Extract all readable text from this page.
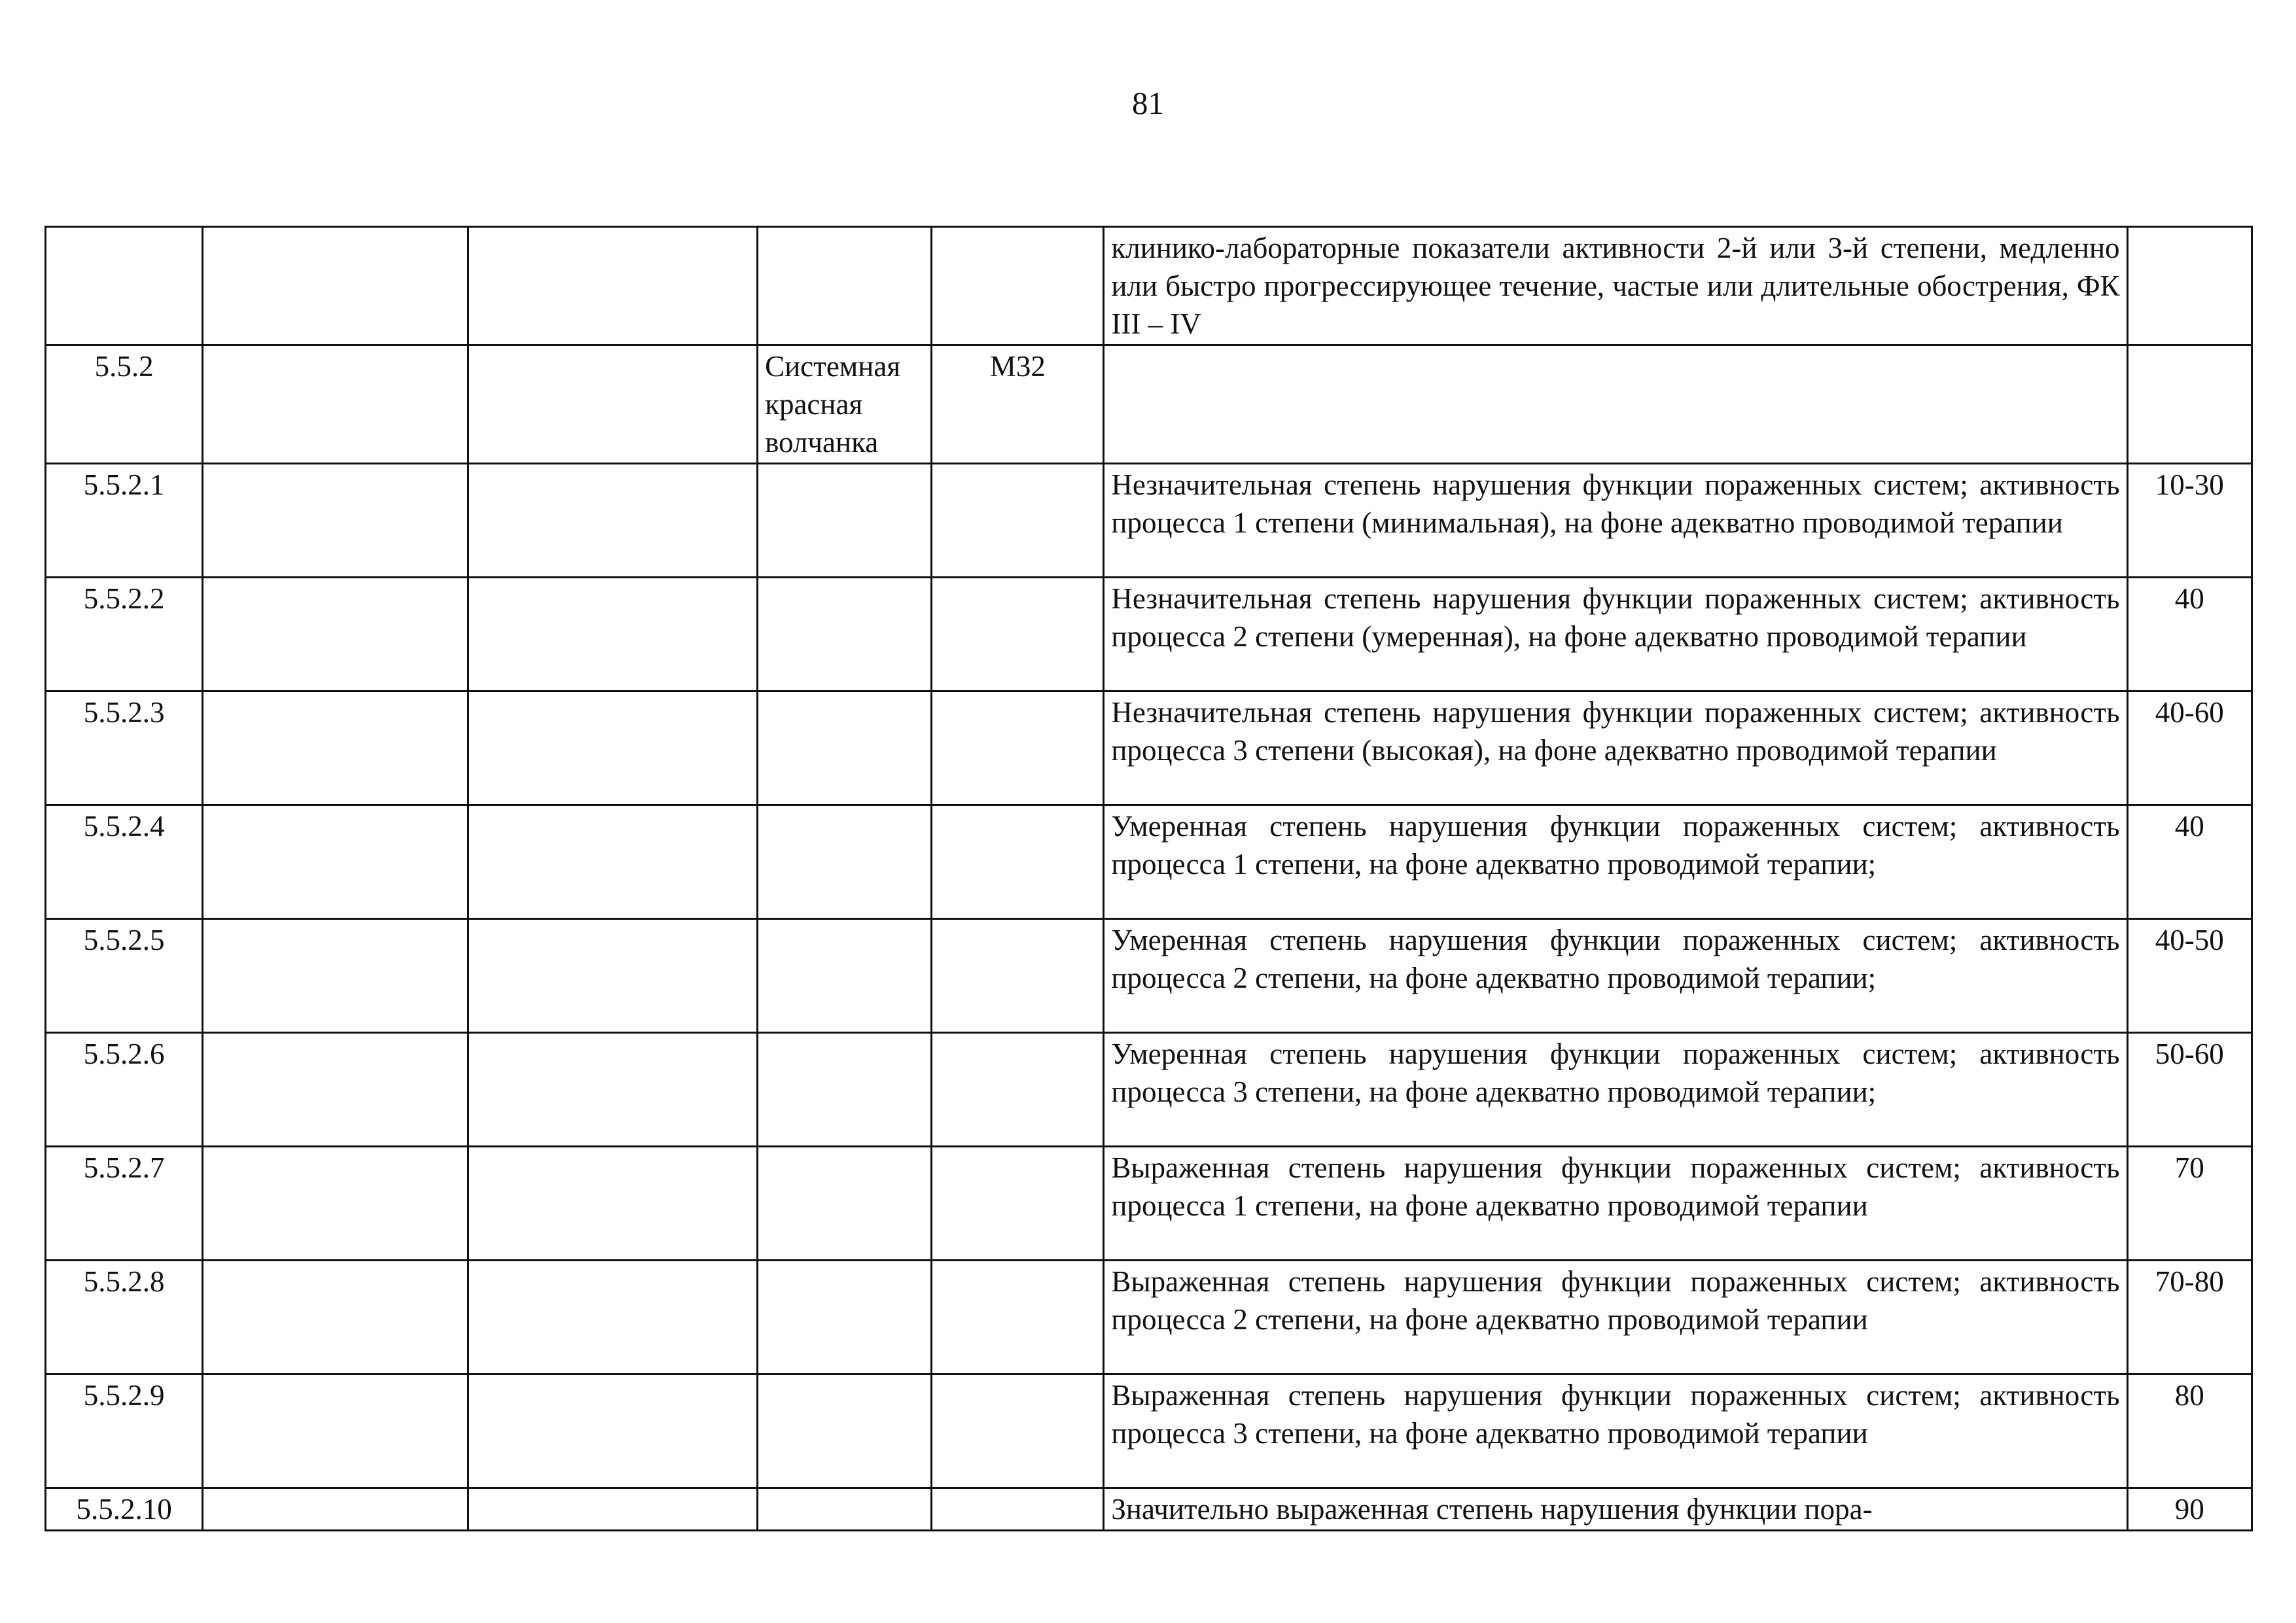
81
					клинико-лабораторные показатели активности 2-й или 3-й степени, медленно или быстро прогрессирующее течение, частые или длительные обострения, ФК III – IV	
5.5.2			Системная красная волчанка	М32		
5.5.2.1					Незначительная степень нарушения функции пораженных систем; активность процесса 1 степени (минимальная), на фоне адекватно проводимой терапии	10-30
5.5.2.2					Незначительная степень нарушения функции пораженных систем; активность процесса 2 степени (умеренная), на фоне адекватно проводимой терапии	40
5.5.2.3					Незначительная степень нарушения функции пораженных систем; активность процесса 3 степени (высокая), на фоне адекватно проводимой терапии	40-60
5.5.2.4					Умеренная степень нарушения функции пораженных систем; активность процесса 1 степени, на фоне адекватно проводимой терапии;	40
5.5.2.5					Умеренная степень нарушения функции пораженных систем; активность процесса 2 степени, на фоне адекватно проводимой терапии;	40-50
5.5.2.6					Умеренная степень нарушения функции пораженных систем; активность процесса 3 степени, на фоне адекватно проводимой терапии;	50-60
5.5.2.7					Выраженная степень нарушения функции пораженных систем; активность процесса 1 степени, на фоне адекватно проводимой терапии	70
5.5.2.8					Выраженная степень нарушения функции пораженных систем; активность процесса 2 степени, на фоне адекватно проводимой терапии	70-80
5.5.2.9					Выраженная степень нарушения функции пораженных систем; активность процесса 3 степени, на фоне адекватно проводимой терапии	80
5.5.2.10					Значительно выраженная степень нарушения функции пора-	90
